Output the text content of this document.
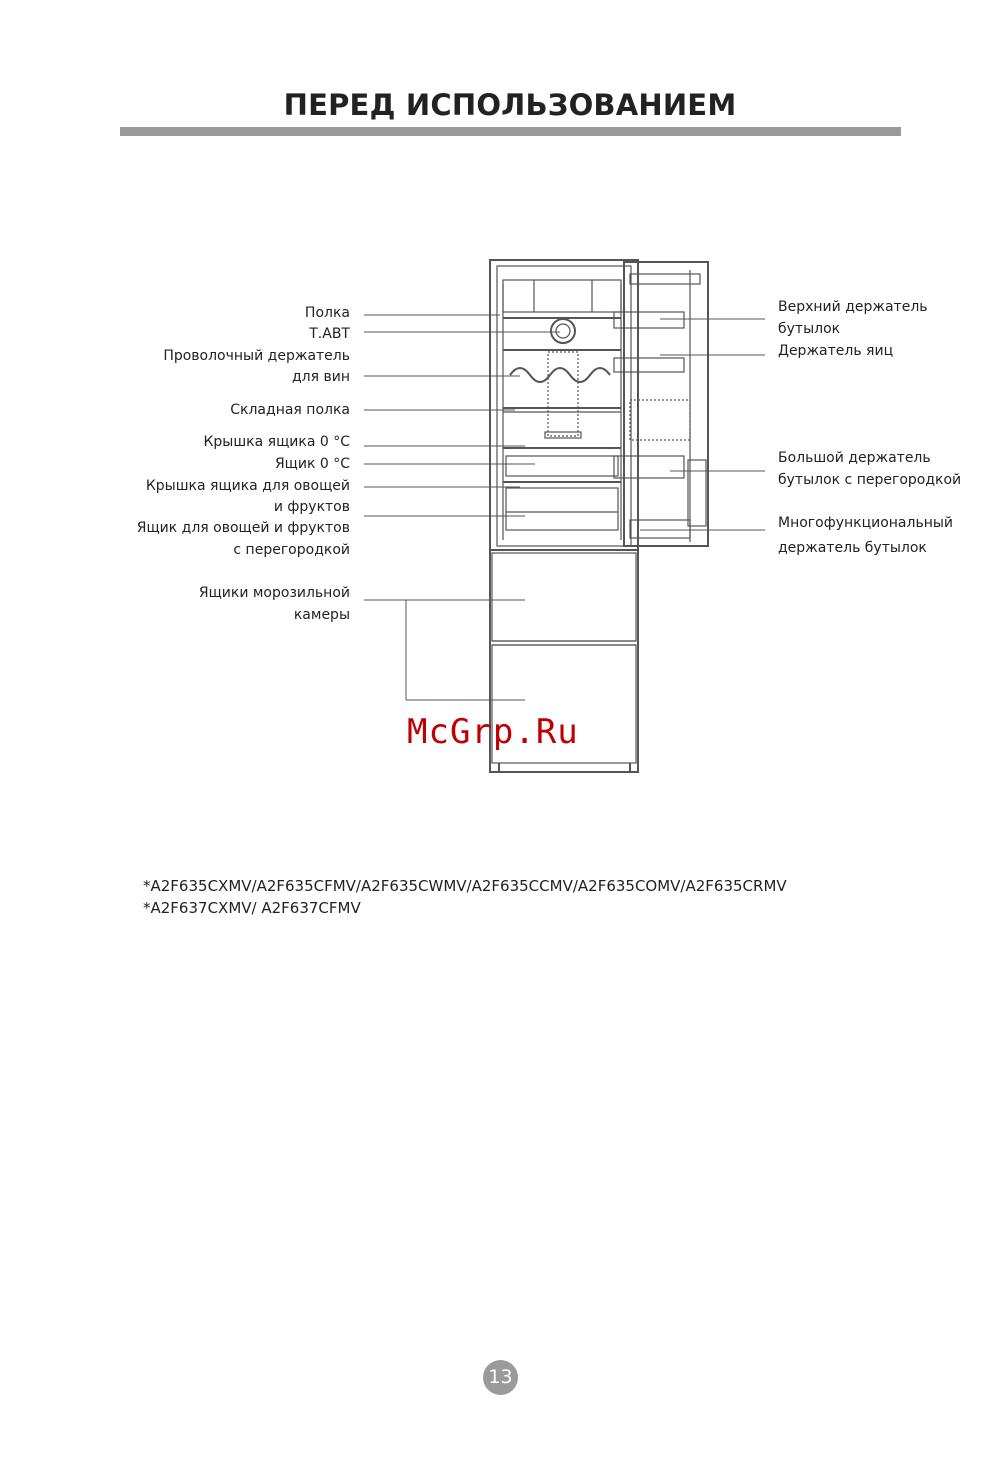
ПЕРЕД ИСПОЛЬЗОВАНИЕМ
Полка
Т.ABT
Проволочный держатель
для вин
Складная полка
Крышка ящика 0 °C
Ящик 0 °C
Крышка ящика для овощей
и фруктов
Ящик для овощей и фруктов
с перегородкой
Ящики морозильной
камеры
Верхний держатель
бутылок
Держатель яиц
Большой держатель
бутылок с перегородкой
Многофункциональный
держатель бутылок
McGrp.Ru
*A2F635CXMV/A2F635CFMV/A2F635CWMV/A2F635CCMV/A2F635COMV/A2F635CRMV
*A2F637CXMV/ A2F637CFMV
13
